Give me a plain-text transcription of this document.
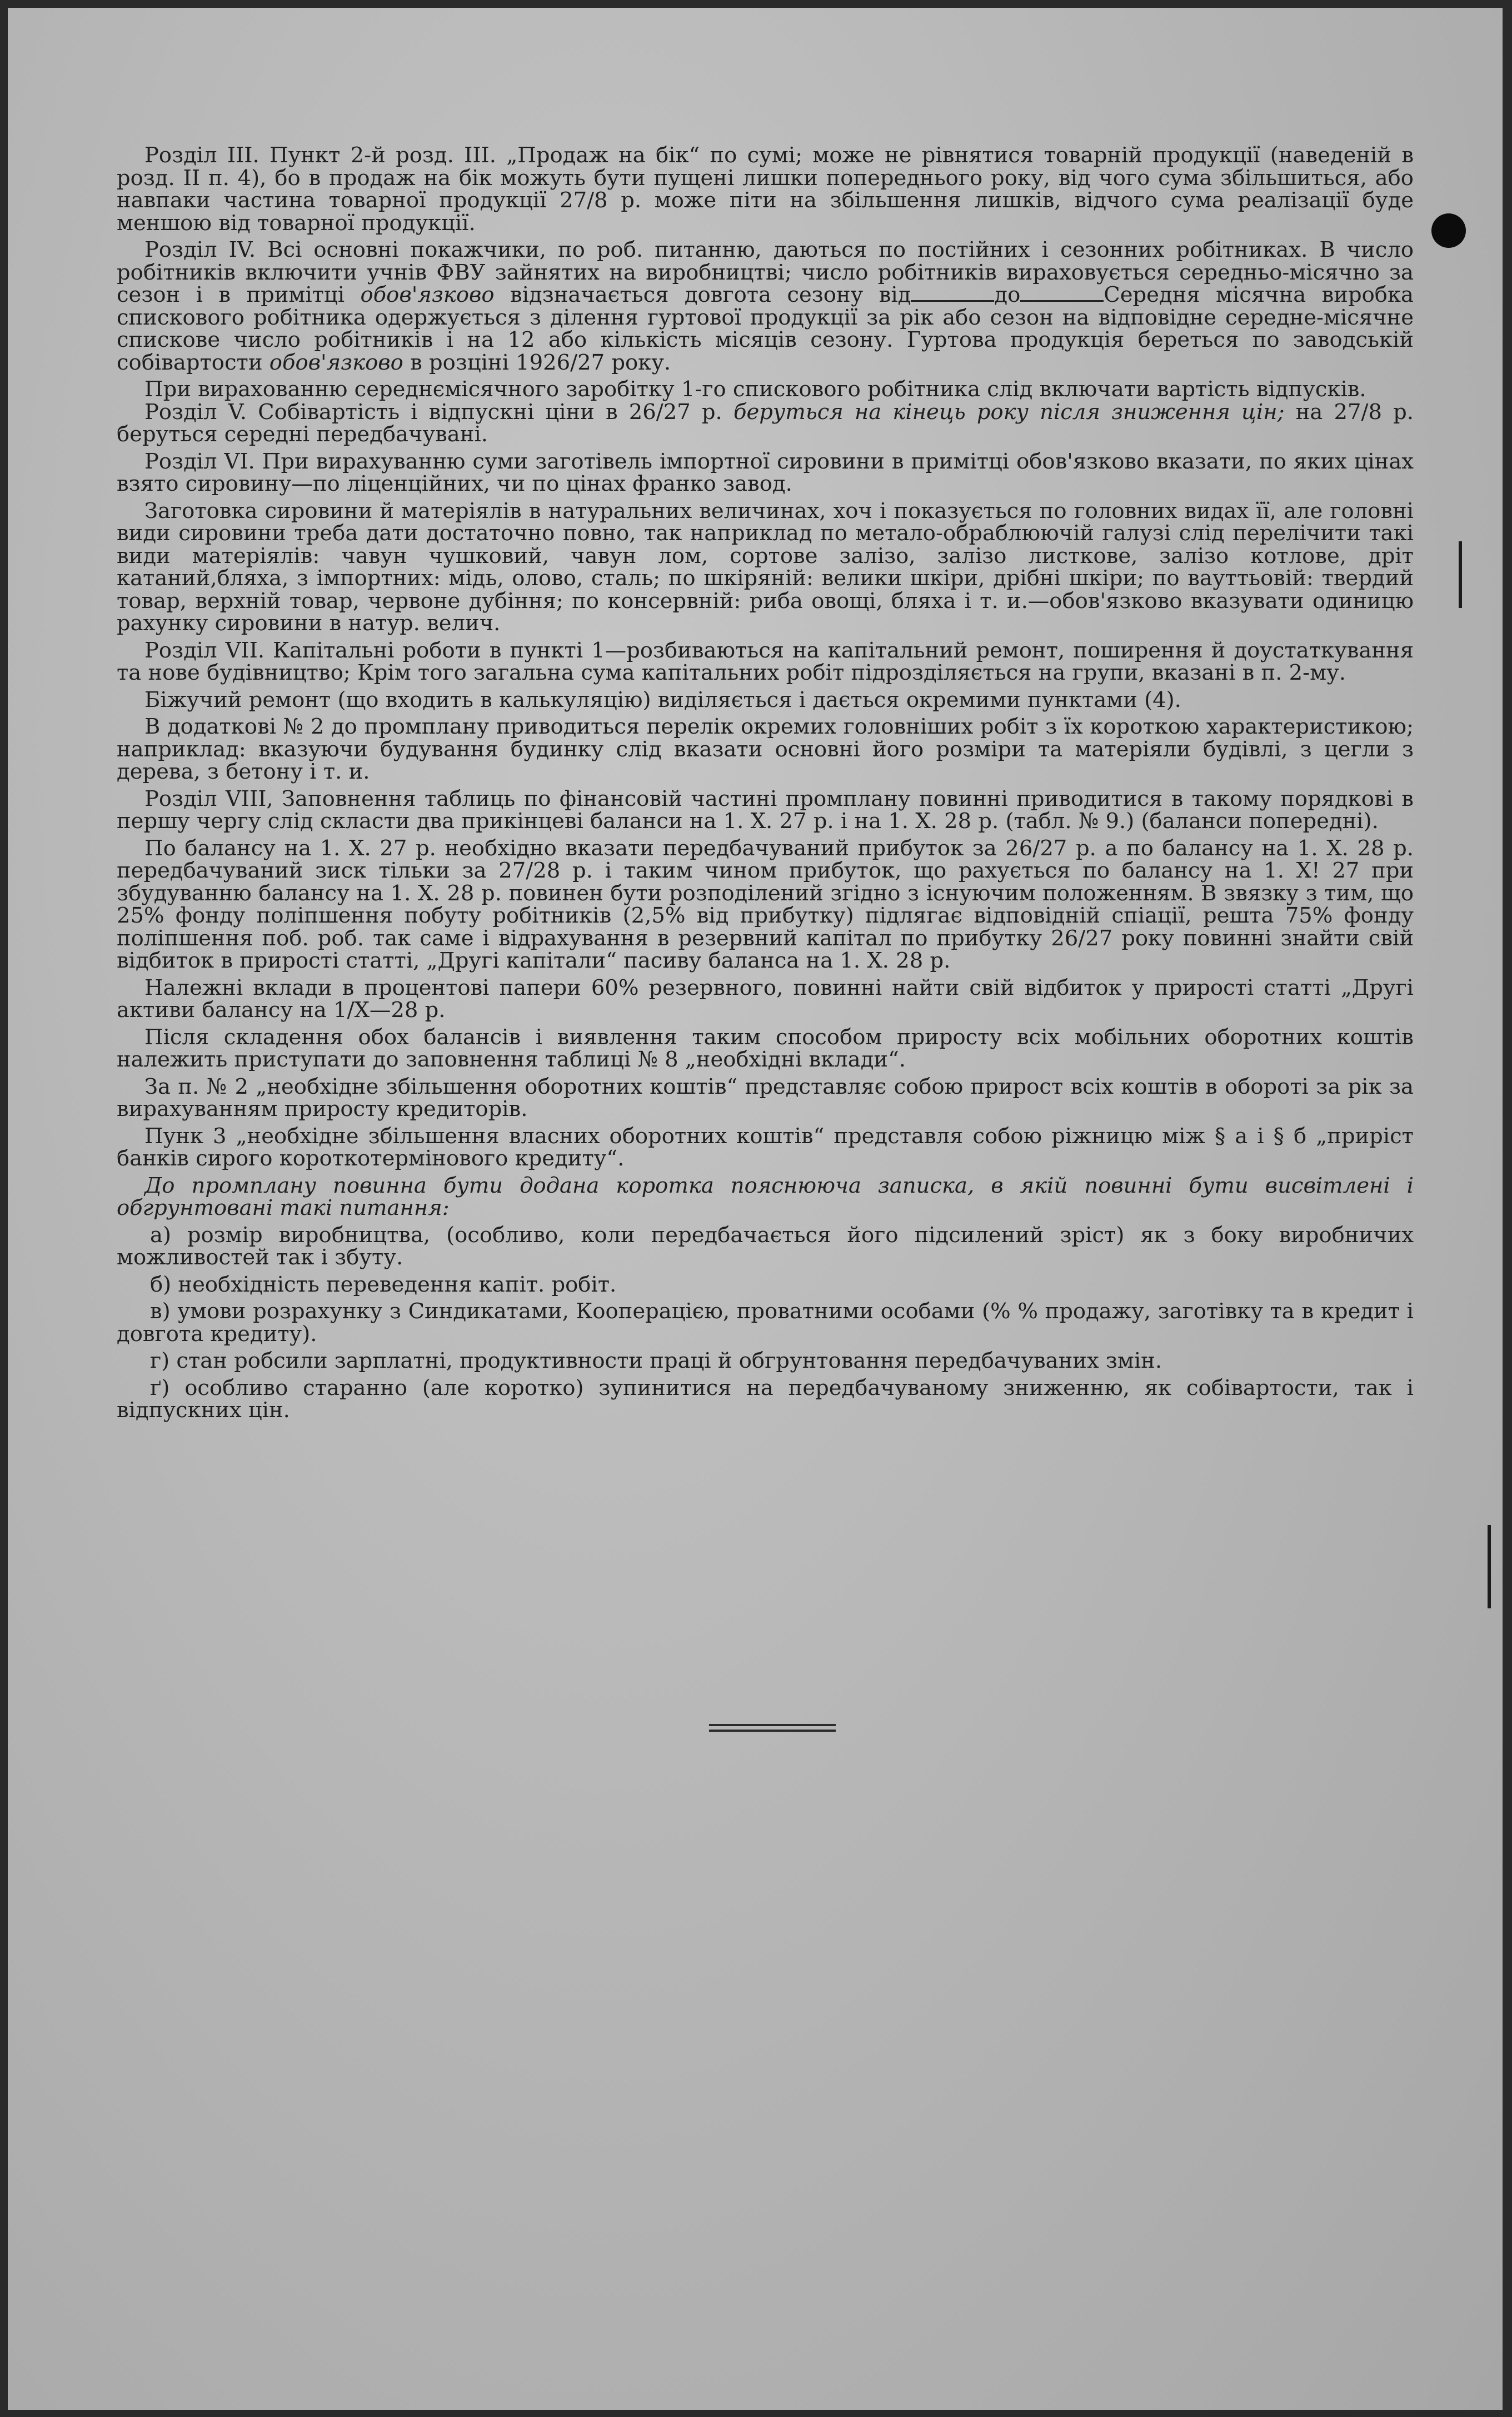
Розділ III. Пункт 2-й розд. III. „Продаж на бік“ по сумі; може не рівнятися товарній продукції (наведеній в розд. II п. 4), бо в продаж на бік можуть бути пущені лишки попереднього року, від чого сума збільшиться, або навпаки частина товарної продукції 27/8 р. може піти на збільшення лишків, відчого сума реалізації буде меншою від товарної продукції.

Розділ IV. Всі основні покажчики, по роб. питанню, даються по постійних і сезонних робітниках. В число робітників включити учнів ФВУ зайнятих на виробництві; число робітників вираховується середньо-місячно за сезон і в примітці обов'язково відзначається довгота сезону від	до	Середня місячна виробка спискового робітника одержується з ділення гуртової продукції за рік або сезон на відповідне середне-місячне спискове число робітників і на 12 або кількість місяців сезону. Гуртова продукція береться по заводській собівартости обов'язково в розціні 1926/27 року.

При вирахованню середнємісячного заробітку 1-го спискового робітника слід включати вартість відпусків.

Розділ V. Собівартість і відпускні ціни в 26/27 р. беруться на кінець року після зниження цін; на 27/8 р. беруться середні передбачувані.

Розділ VI. При вирахуванню суми заготівель імпортної сировини в примітці обов'язково вказати, по яких цінах взято сировину—по ліценційних, чи по цінах франко завод.

Заготовка сировини й матеріялів в натуральних величинах, хоч і показується по головних видах її, але головні види сировини треба дати достаточно повно, так наприклад по метало-обраблюючій галузі слід перелічити такі види матеріялів: чавун чушковий, чавун лом, сортове залізо, залізо листкове, залізо котлове, дріт катаний,бляха, з імпортних: мідь, олово, сталь; по шкіряній: велики шкіри, дрібні шкіри; по вауттьовій: твердий товар, верхній товар, червоне дубіння; по консервній: риба овощі, бляха і т. и.—обов'язково вказувати одиницю рахунку сировини в натур. велич.

Розділ VII. Капітальні роботи в пункті 1—розбиваються на капітальний ремонт, поширення й доустаткування та нове будівництво; Крім того загальна сума капітальних робіт підрозділяється на групи, вказані в п. 2-му.

Біжучий ремонт (що входить в калькуляцію) виділяється і дається окремими пунктами (4).

В додаткові № 2 до промплану приводиться перелік окремих головніших робіт з їх короткою характеристикою; наприклад: вказуючи будування будинку слід вказати основні його розміри та матеріяли будівлі, з цегли з дерева, з бетону і т. и.

Розділ VIII, Заповнення таблиць по фінансовій частині промплану повинні приводитися в такому порядкові в першу чергу слід скласти два прикінцеві баланси на 1. X. 27 р. і на 1. X. 28 р. (табл. № 9.) (баланси попередні).

По балансу на 1. X. 27 р. необхідно вказати передбачуваний прибуток за 26/27 р. а по балансу на 1. X. 28 р. передбачуваний зиск тільки за 27/28 р. і таким чином прибуток, що рахується по балансу на 1. X! 27 при збудуванню балансу на 1. X. 28 р. повинен бути розподілений згідно з існуючим положенням. В звязку з тим, що 25% фонду поліпшення побуту робітників (2,5% від прибутку) підлягає відповідній спіації, решта 75% фонду поліпшення поб. роб. так саме і відрахування в резервний капітал по прибутку 26/27 року повинні знайти свій відбиток в прирості статті, „Другі капітали“ пасиву баланса на 1. X. 28 р.

Належні вклади в процентові папери 60% резервного, повинні найти свій відбиток у прирості статті „Другі активи балансу на 1/X—28 р.

Після складення обох балансів і виявлення таким способом приросту всіх мобільних оборотних коштів належить приступати до заповнення таблиці № 8 „необхідні вклади“.

За п. № 2 „необхідне збільшення оборотних коштів“ представляє собою прирост всіх коштів в обороті за рік за вирахуванням приросту кредиторів.

Пунк 3 „необхідне збільшення власних оборотних коштів“ представля собою ріжницю між § а і § б „приріст банків сирого короткотермінового кредиту“.

До промплану повинна бути додана коротка пояснююча записка, в якій повинні бути висвітлені і обгрунтовані такі питання:

а) розмір виробництва, (особливо, коли передбачається його підсилений зріст) як з боку виробничих можливостей так і збуту.

б) необхідність переведення капіт. робіт.

в) умови розрахунку з Синдикатами, Кооперацією, проватними особами (% % продажу, заготівку та в кредит і довгота кредиту).

г) стан робсили зарплатні, продуктивности праці й обгрунтовання передбачуваних змін.

ґ) особливо старанно (але коротко) зупинитися на передбачуваному зниженню, як собівартости, так і відпускних цін.
